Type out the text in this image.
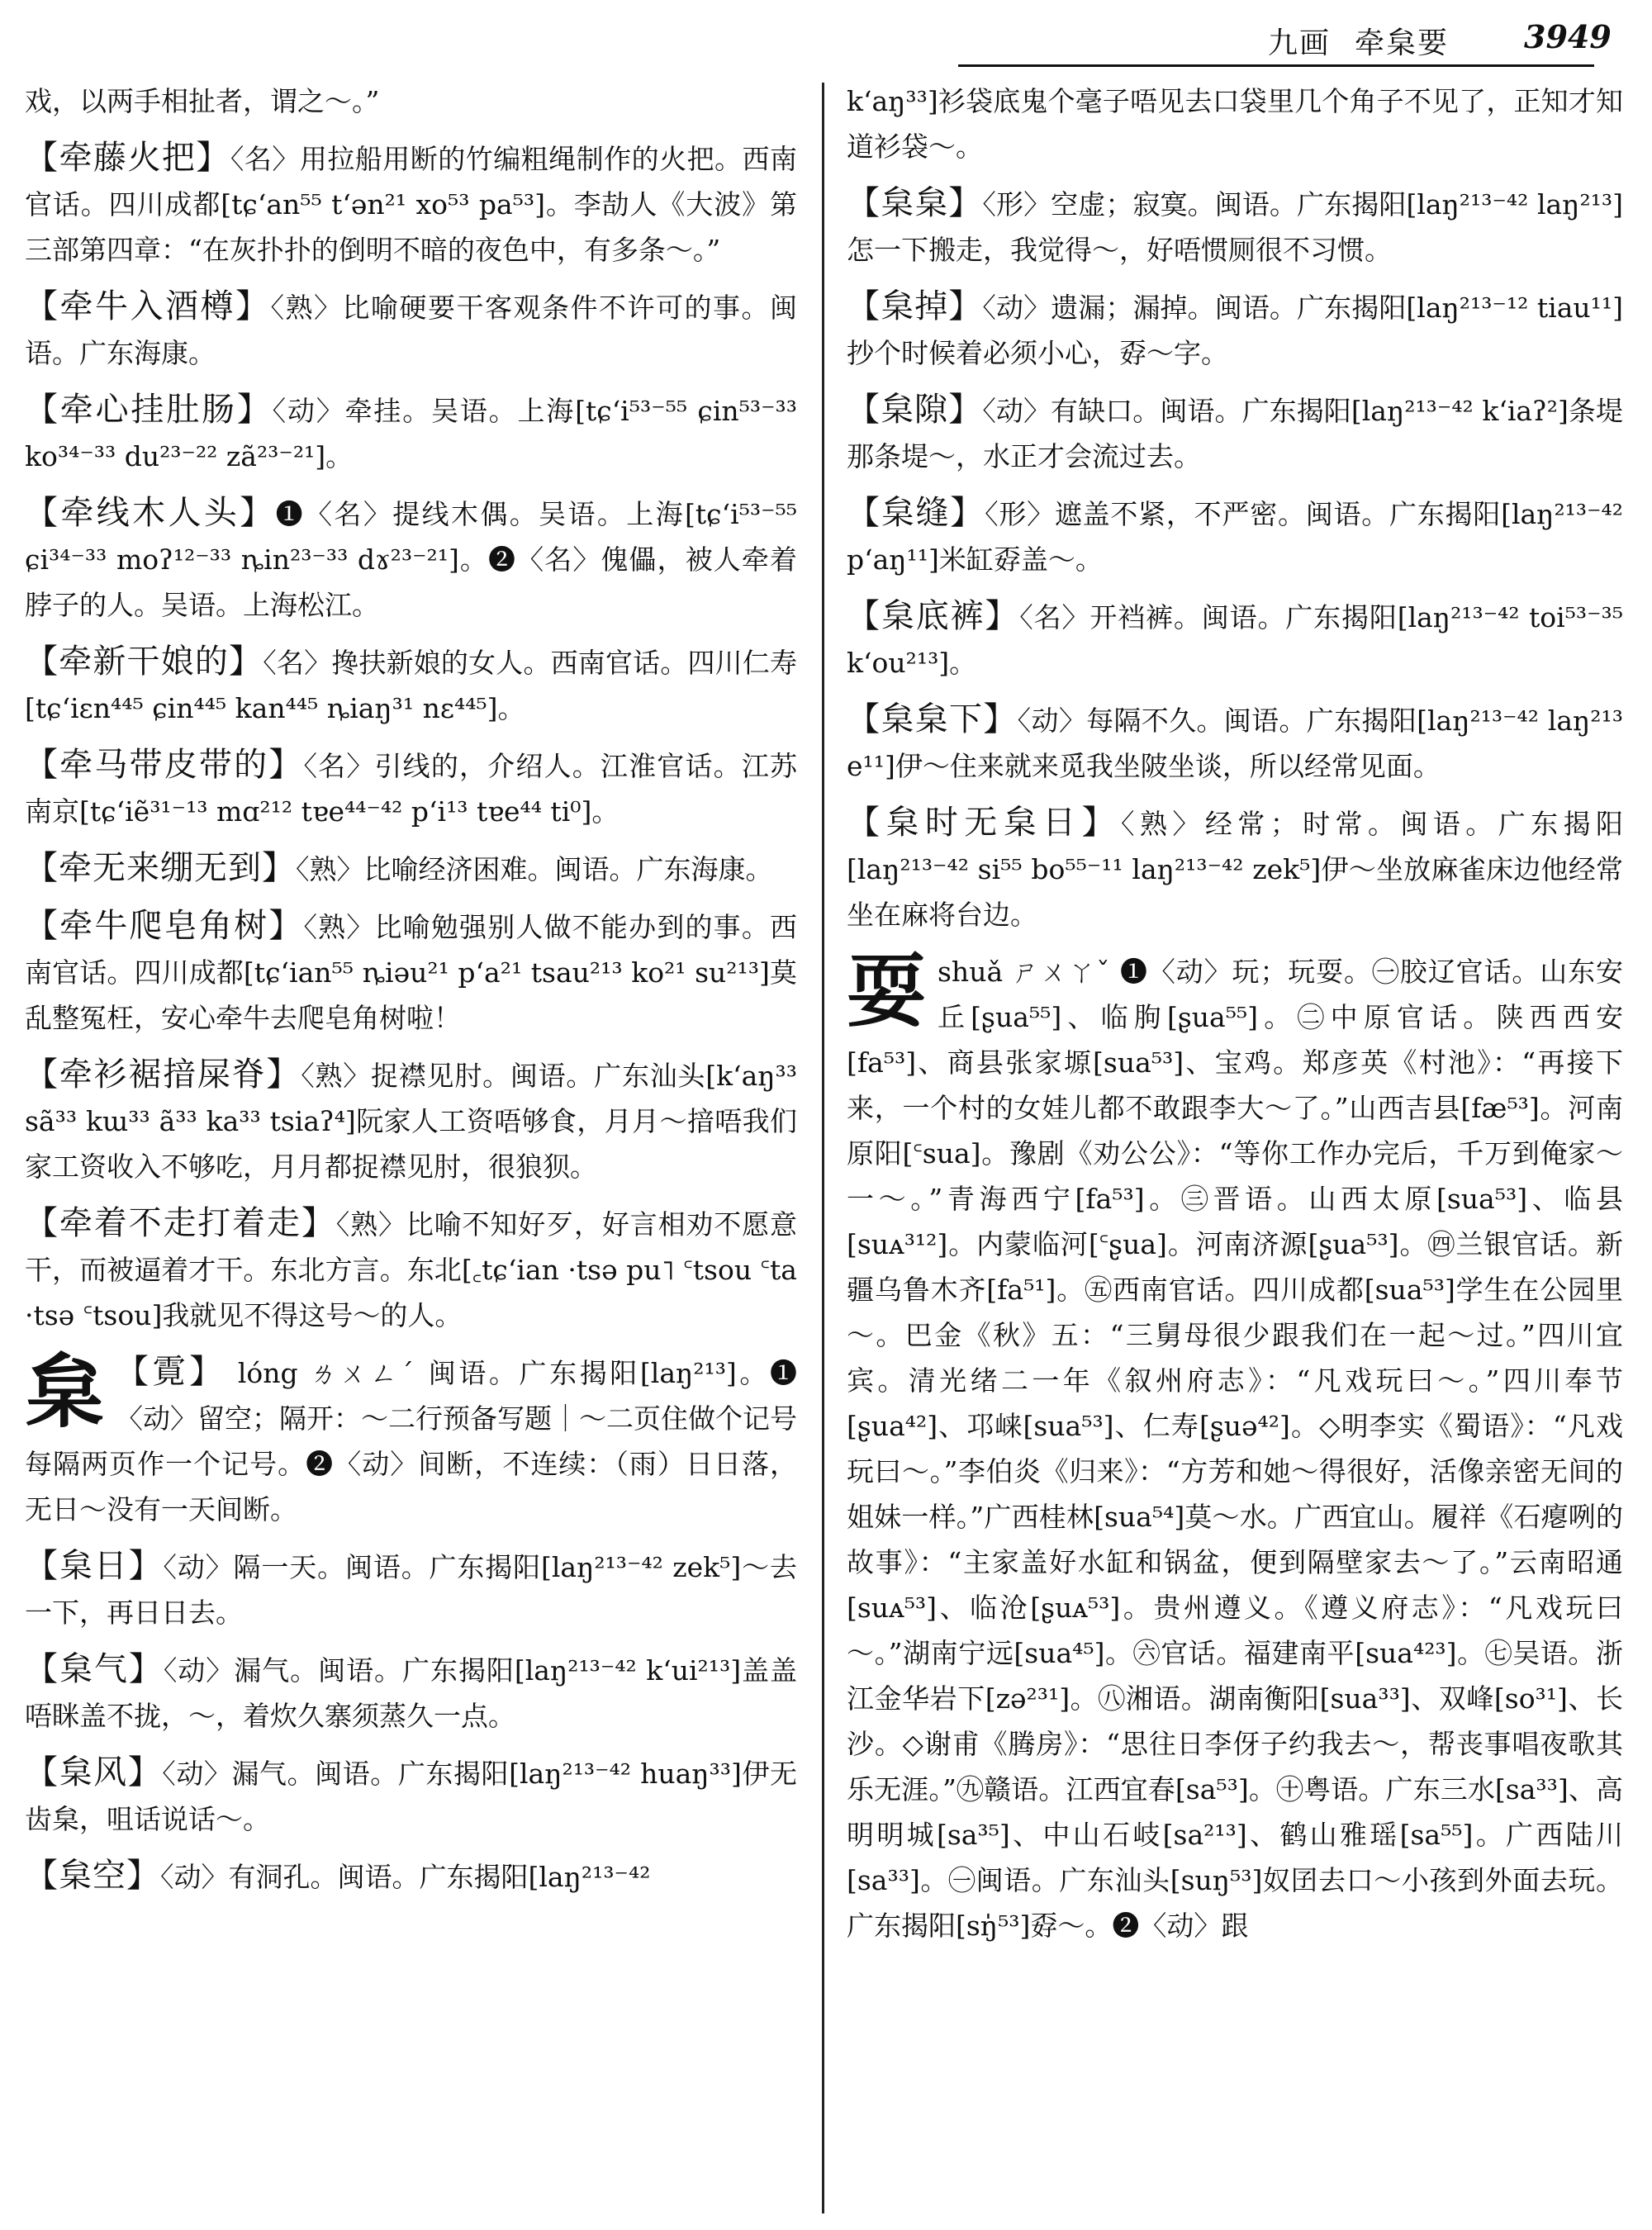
九画 牵枲要 3949
戏，以两手相扯者，谓之～。”
【牵藤火把】〈名〉用拉船用断的竹编粗绳制作的火把。西南官话。四川成都[tɕʻan⁵⁵ tʻən²¹ xo⁵³ pa⁵³]。李劼人《大波》第三部第四章：“在灰扑扑的倒明不暗的夜色中，有多条～。”
【牵牛入酒樽】〈熟〉比喻硬要干客观条件不许可的事。闽语。广东海康。
【牵心挂肚肠】〈动〉牵挂。吴语。上海[tɕʻi⁵³⁻⁵⁵ ɕin⁵³⁻³³ ko³⁴⁻³³ du²³⁻²² zã²³⁻²¹]。
【牵线木人头】❶〈名〉提线木偶。吴语。上海[tɕʻi⁵³⁻⁵⁵ ɕi³⁴⁻³³ moʔ¹²⁻³³ ȵin²³⁻³³ dɤ²³⁻²¹]。❷〈名〉傀儡，被人牵着脖子的人。吴语。上海松江。
【牵新干娘的】〈名〉搀扶新娘的女人。西南官话。四川仁寿[tɕʻiɛn⁴⁴⁵ ɕin⁴⁴⁵ kan⁴⁴⁵ ȵiaŋ³¹ nɛ⁴⁴⁵]。
【牵马带皮带的】〈名〉引线的，介绍人。江淮官话。江苏南京[tɕʻiẽ³¹⁻¹³ mɑ²¹² tɐe⁴⁴⁻⁴² pʻi¹³ tɐe⁴⁴ ti⁰]。
【牵无来绷无到】〈熟〉比喻经济困难。闽语。广东海康。
【牵牛爬皂角树】〈熟〉比喻勉强别人做不能办到的事。西南官话。四川成都[tɕʻian⁵⁵ ȵiəu²¹ pʻa²¹ tsau²¹³ ko²¹ su²¹³]莫乱整冤枉，安心牵牛去爬皂角树啦！
【牵衫裾揞屎脊】〈熟〉捉襟见肘。闽语。广东汕头[kʻaŋ³³ sã³³ kɯ³³ ã³³ ka³³ tsiaʔ⁴]阮家人工资唔够食，月月～揞唔我们家工资收入不够吃，月月都捉襟见肘，很狼狈。
【牵着不走打着走】〈熟〉比喻不知好歹，好言相劝不愿意干，而被逼着才干。东北方言。东北[꜀tɕʻian ·tsə pu˥ ꜂tsou ꜂ta ·tsə ꜂tsou]我就见不得这号～的人。
枲 【䨘】 lóng ㄌㄨㄥˊ 闽语。广东揭阳[laŋ²¹³]。❶〈动〉留空；隔开：～二行预备写题｜～二页住做个记号每隔两页作一个记号。❷〈动〉间断，不连续：（雨）日日落，无日～没有一天间断。
【枲日】〈动〉隔一天。闽语。广东揭阳[laŋ²¹³⁻⁴² zek⁵]～去一下，再日日去。
【枲气】〈动〉漏气。闽语。广东揭阳[laŋ²¹³⁻⁴² kʻui²¹³]盖盖唔眯盖不拢，～，着炊久寨须蒸久一点。
【枲风】〈动〉漏气。闽语。广东揭阳[laŋ²¹³⁻⁴² huaŋ³³]伊无齿枲，咀话说话～。
【枲空】〈动〉有洞孔。闽语。广东揭阳[laŋ²¹³⁻⁴²
kʻaŋ³³]衫袋底鬼个毫子唔见去口袋里几个角子不见了，正知才知道衫袋～。
【枲枲】〈形〉空虚；寂寞。闽语。广东揭阳[laŋ²¹³⁻⁴² laŋ²¹³]怎一下搬走，我觉得～，好唔惯厕很不习惯。
【枲掉】〈动〉遗漏；漏掉。闽语。广东揭阳[laŋ²¹³⁻¹² tiau¹¹]抄个时候着必须小心，孬～字。
【枲隙】〈动〉有缺口。闽语。广东揭阳[laŋ²¹³⁻⁴² kʻiaʔ²]条堤那条堤～，水正才会流过去。
【枲缝】〈形〉遮盖不紧，不严密。闽语。广东揭阳[laŋ²¹³⁻⁴² pʻaŋ¹¹]米缸孬盖～。
【枲底裤】〈名〉开裆裤。闽语。广东揭阳[laŋ²¹³⁻⁴² toi⁵³⁻³⁵ kʻou²¹³]。
【枲枲下】〈动〉每隔不久。闽语。广东揭阳[laŋ²¹³⁻⁴² laŋ²¹³ e¹¹]伊～住来就来觅我坐陂坐谈，所以经常见面。
【枲时无枲日】〈熟〉经常；时常。闽语。广东揭阳[laŋ²¹³⁻⁴² si⁵⁵ bo⁵⁵⁻¹¹ laŋ²¹³⁻⁴² zek⁵]伊～坐放麻雀床边他经常坐在麻将台边。
耍 shuǎ ㄕㄨㄚˇ ❶〈动〉玩；玩耍。㊀胶辽官话。山东安丘[ʂua⁵⁵]、临朐[ʂua⁵⁵]。㊁中原官话。陕西西安[fa⁵³]、商县张家塬[sua⁵³]、宝鸡。郑彦英《村池》：“再接下来，一个村的女娃儿都不敢跟李大～了。”山西吉县[fæ⁵³]。河南原阳[꜂sua]。豫剧《劝公公》：“等你工作办完后，千万到俺家～一～。”青海西宁[fa⁵³]。㊂晋语。山西太原[sua⁵³]、临县[suᴀ³¹²]。内蒙临河[꜂ʂua]。河南济源[ʂua⁵³]。㊃兰银官话。新疆乌鲁木齐[fa⁵¹]。㊄西南官话。四川成都[sua⁵³]学生在公园里～。巴金《秋》五：“三舅母很少跟我们在一起～过。”四川宜宾。清光绪二一年《叙州府志》：“凡戏玩曰～。”四川奉节[ʂua⁴²]、邛崃[sua⁵³]、仁寿[ʂuə⁴²]。◇明李实《蜀语》：“凡戏玩曰～。”李伯炎《归来》：“方芳和她～得很好，活像亲密无间的姐妹一样。”广西桂林[sua⁵⁴]莫～水。广西宜山。履祥《石瘪咧的故事》：“主家盖好水缸和锅盆，便到隔壁家去～了。”云南昭通[suᴀ⁵³]、临沧[ʂuᴀ⁵³]。贵州遵义。《遵义府志》：“凡戏玩曰～。”湖南宁远[sua⁴⁵]。㊅官话。福建南平[sua⁴²³]。㊆吴语。浙江金华岩下[zə²³¹]。㊇湘语。湖南衡阳[sua³³]、双峰[so³¹]、长沙。◇谢甫《腾房》：“思往日李伢子约我去～，帮丧事唱夜歌其乐无涯。”㊈赣语。江西宜春[sa⁵³]。㊉粤语。广东三水[sa³³]、高明明城[sa³⁵]、中山石岐[sa²¹³]、鹤山雅瑶[sa⁵⁵]。广西陆川[sa³³]。㊀闽语。广东汕头[suŋ⁵³]奴囝去口～小孩到外面去玩。广东揭阳[sŋ̍⁵³]孬～。❷〈动〉跟
